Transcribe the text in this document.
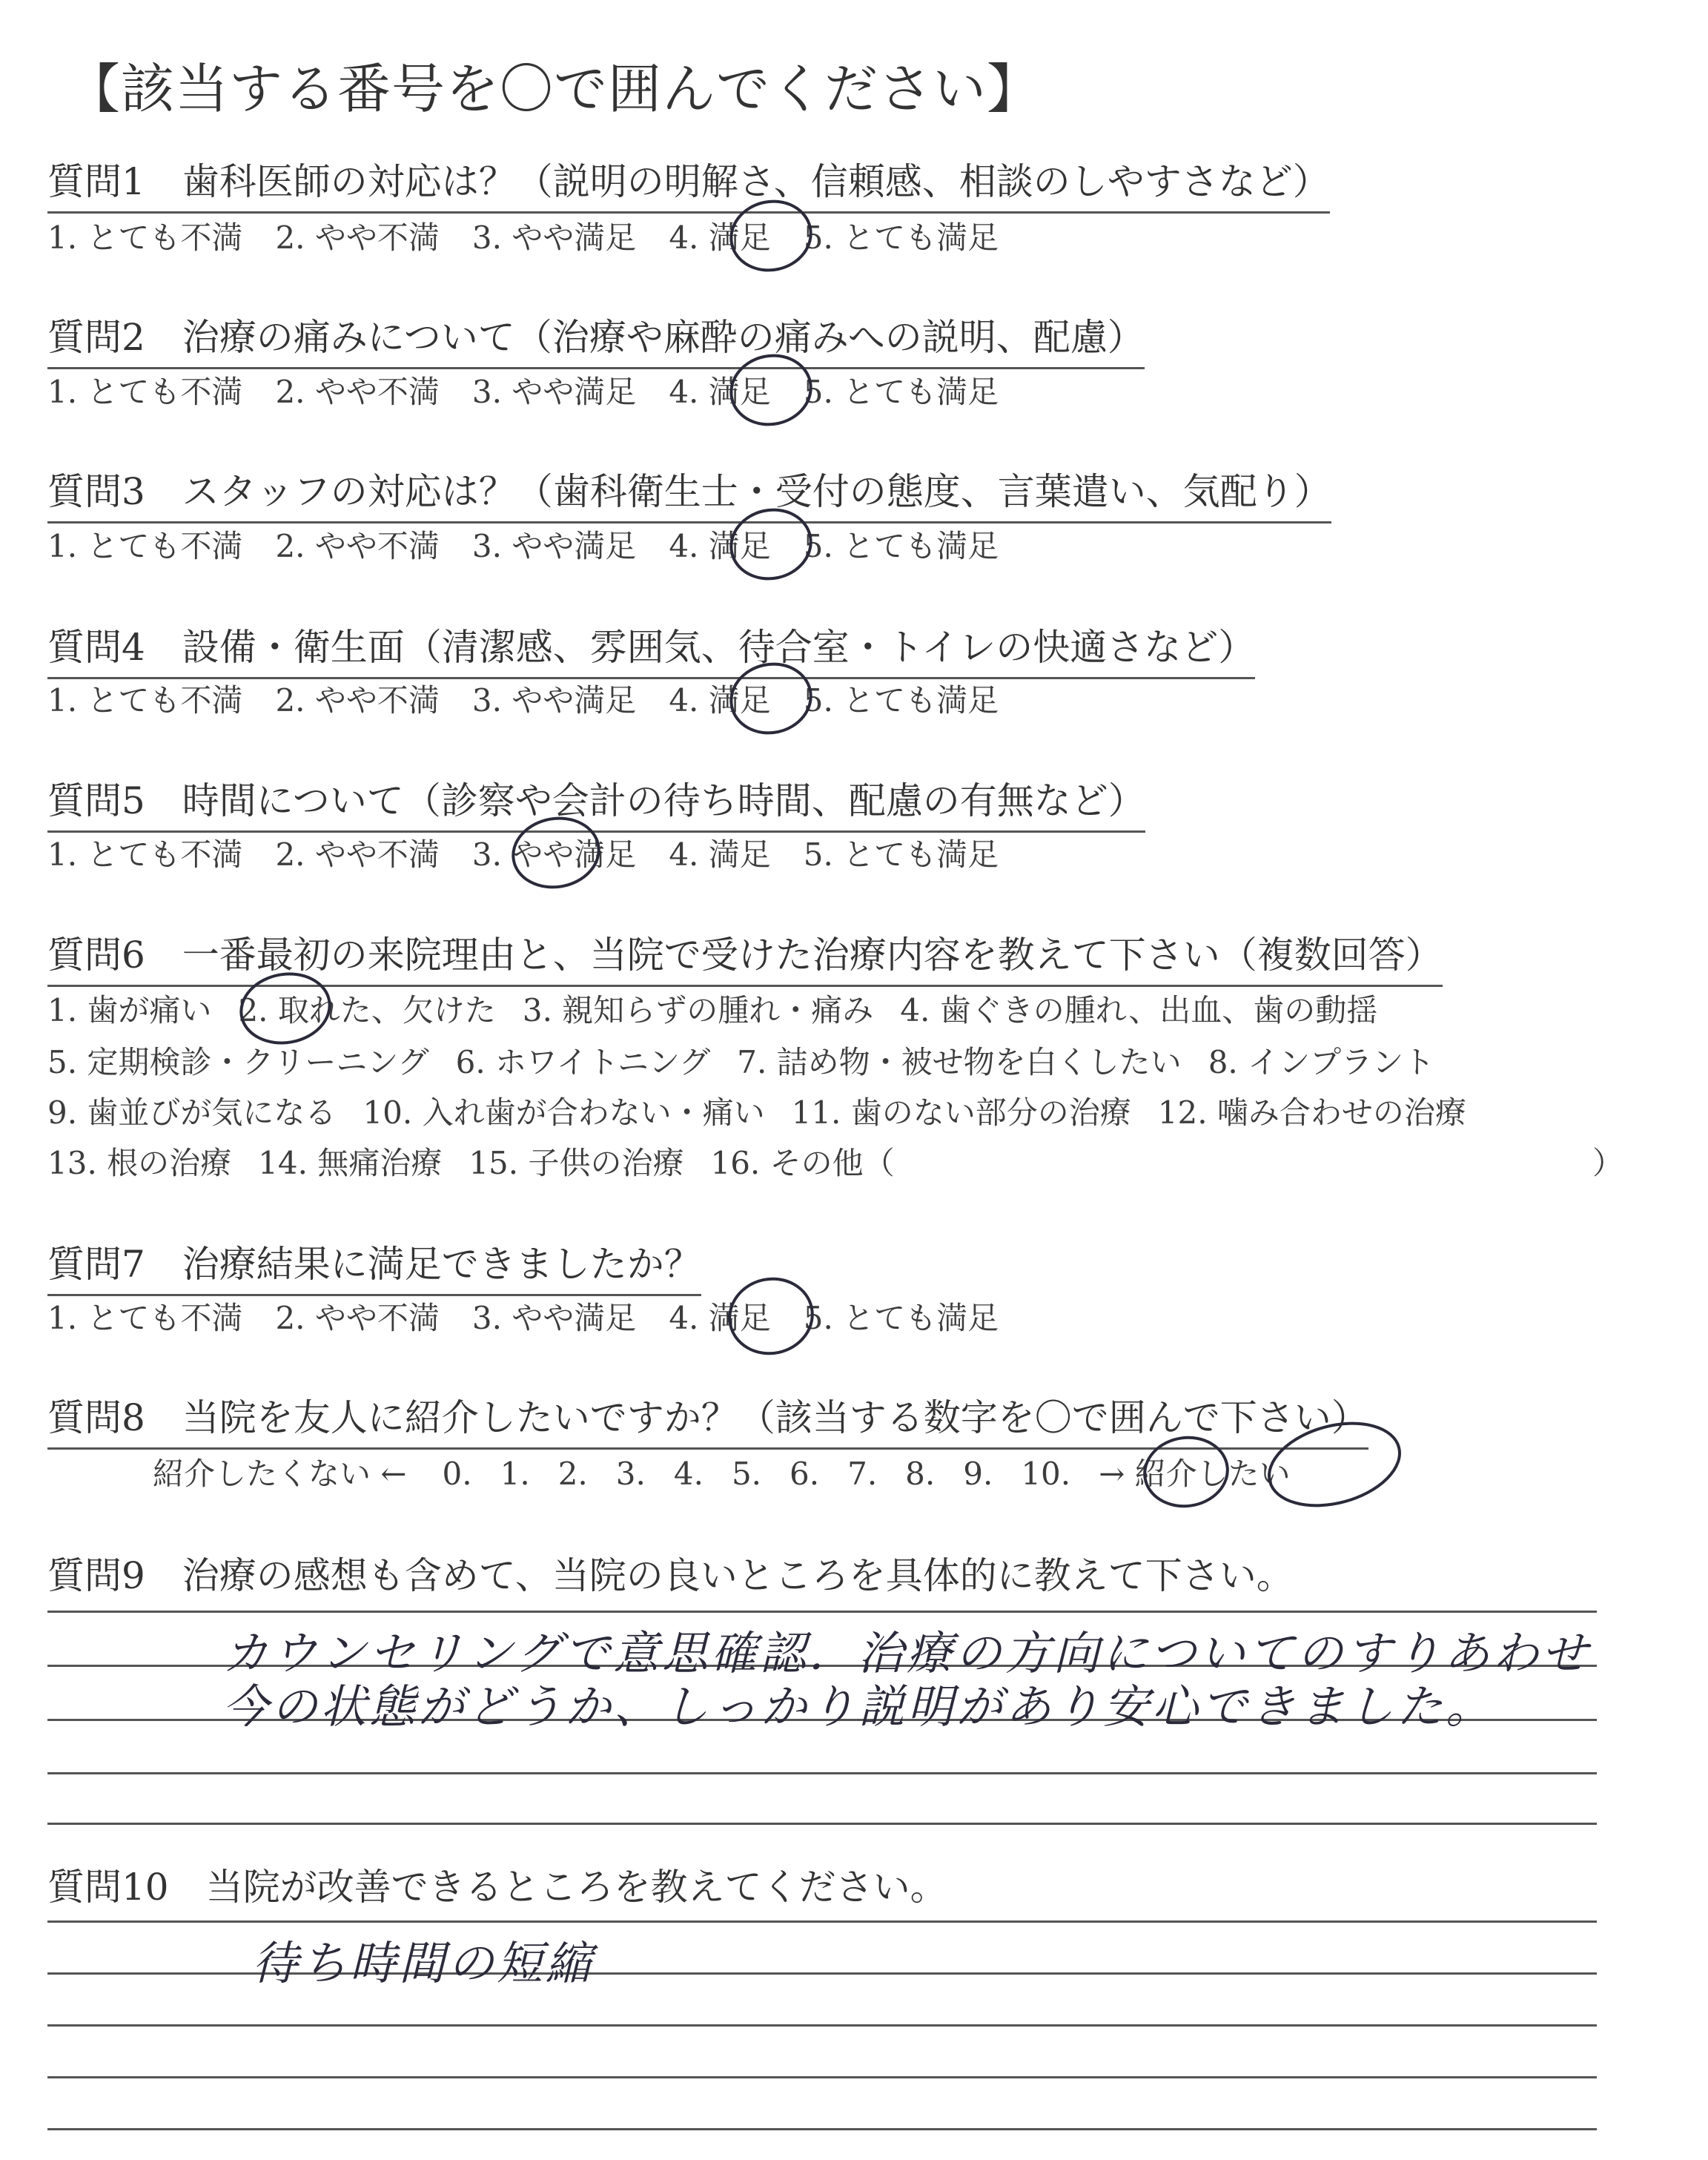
【該当する番号を〇で囲んでください】
質問1　歯科医師の対応は？（説明の明解さ、信頼感、相談のしやすさなど）
1. とても不満 2. やや不満 3. やや満足 4. 満足 5. とても満足
質問2　治療の痛みについて（治療や麻酔の痛みへの説明、配慮）
1. とても不満 2. やや不満 3. やや満足 4. 満足 5. とても満足
質問3　スタッフの対応は？（歯科衛生士・受付の態度、言葉遣い、気配り）
1. とても不満 2. やや不満 3. やや満足 4. 満足 5. とても満足
質問4　設備・衛生面（清潔感、雰囲気、待合室・トイレの快適さなど）
1. とても不満 2. やや不満 3. やや満足 4. 満足 5. とても満足
質問5　時間について（診察や会計の待ち時間、配慮の有無など）
1. とても不満 2. やや不満 3. やや満足 4. 満足 5. とても満足
質問6　一番最初の来院理由と、当院で受けた治療内容を教えて下さい（複数回答）
1. 歯が痛い 2. 取れた、欠けた 3. 親知らずの腫れ・痛み 4. 歯ぐきの腫れ、出血、歯の動揺
5. 定期検診・クリーニング 6. ホワイトニング 7. 詰め物・被せ物を白くしたい 8. インプラント
9. 歯並びが気になる 10. 入れ歯が合わない・痛い 11. 歯のない部分の治療 12. 噛み合わせの治療
13. 根の治療 14. 無痛治療 15. 子供の治療 16. その他（	）
質問7　治療結果に満足できましたか？
1. とても不満 2. やや不満 3. やや満足 4. 満足 5. とても満足
質問8　当院を友人に紹介したいですか？（該当する数字を〇で囲んで下さい）
紹介したくない ← 0. 1. 2. 3. 4. 5. 6. 7. 8. 9. 10. → 紹介したい
質問9　治療の感想も含めて、当院の良いところを具体的に教えて下さい。
カウンセリングで意思確認．治療の方向についてのすりあわせ
今の状態がどうか、しっかり説明があり安心できました。
質問10　当院が改善できるところを教えてください。
待ち時間の短縮
